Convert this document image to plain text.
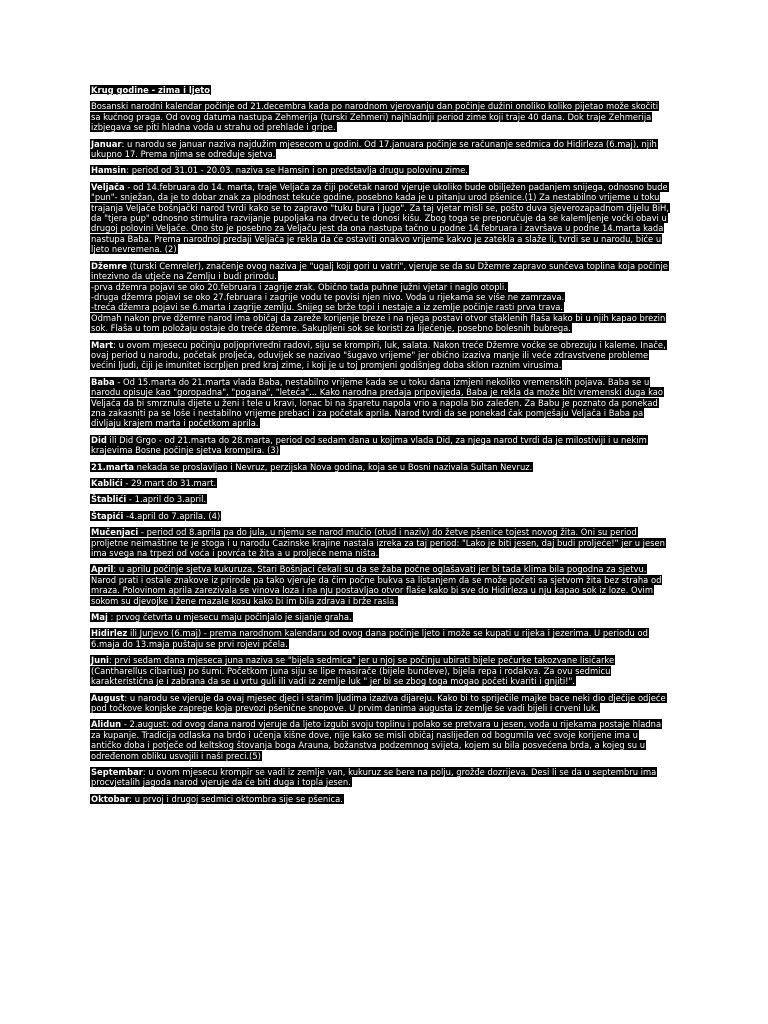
Krug godine - zima i ljeto

Bosanski narodni kalendar počinje od 21.decembra kada po narodnom vjerovanju dan počinje dužini onoliko koliko pijetao može skočiti sa kućnog praga. Od ovog datuma nastupa Zehmerija (turski Zehmeri) najhladniji period zime koji traje 40 dana. Dok traje Zehmerija izbjegava se piti hladna voda u strahu od prehlade i gripe.

Januar: u narodu se januar naziva najdužim mjesecom u godini. Od 17.januara počinje se računanje sedmica do Hidirleza (6.maj), njih ukupno 17. Prema njima se određuje sjetva.

Hamsin: period od 31.01 - 20.03. naziva se Hamsin i on predstavlja drugu polovinu zime.

Veljača - od 14.februara do 14. marta, traje Veljača za čiji početak narod vjeruje ukoliko bude obilježen padanjem snijega, odnosno bude "pun"- snježan, da je to dobar znak za plodnost tekuće godine, posebno kada je u pitanju urod pšenice.(1) Za nestabilno vrijeme u toku trajanja Veljače bošnjački narod tvrdi kako se to zapravo "tuku bura i jugo". Za taj vjetar misli se, pošto duva sjeverozapadnom dijelu BiH, da "tjera pup" odnosno stimulira razvijanje pupoljaka na drveću te donosi kišu. Zbog toga se preporučuje da se kalemljenje voćki obavi u drugoj polovini Veljače. Ono što je posebno za Veljaču jest da ona nastupa tačno u podne 14.februara i završava u podne 14.marta kada nastupa Baba. Prema narodnoj predaji Veljača je rekla da će ostaviti onakvo vrijeme kakvo je zatekla a slaže li, tvrdi se u narodu, biće u ljeto nevremena. (2)

Džemre (turski Cemreler), značenje ovog naziva je "ugalj koji gori u vatri", vjeruje se da su Džemre zapravo sunčeva toplina koja počinje intezivno da utječe na Zemlju i budi prirodu.
-prva džemra pojavi se oko 20.februara i zagrije zrak. Obično tada puhne južni vjetar i naglo otopli.
-druga džemra pojavi se oko 27.februara i zagrije vodu te povisi njen nivo. Voda u rijekama se više ne zamrzava.
-treća džemra pojavi se 6.marta i zagrije zemlju. Snijeg se brže topi i nestaje a iz zemlje počinje rasti prva trava.
Odmah nakon prve džemre narod ima običaj da zareže korijenje breze i na njega postavi otvor staklenih flaša kako bi u njih kapao brezin sok. Flaša u tom položaju ostaje do treće džemre. Sakupljeni sok se koristi za liječenje, posebno bolesnih bubrega.

Mart: u ovom mjesecu počinju poljoprivredni radovi, siju se krompiri, luk, salata. Nakon treće Džemre voćke se obrezuju i kaleme. Inače, ovaj period u narodu, početak proljeća, oduvijek se nazivao "šugavo vrijeme" jer obično izaziva manje ili veće zdravstvene probleme većini ljudi, čiji je imunitet iscrpljen pred kraj zime, i koji je u toj promjeni godišnjeg doba sklon raznim virusima.

Baba - Od 15.marta do 21.marta vlada Baba, nestabilno vrijeme kada se u toku dana izmjeni nekoliko vremenskih pojava. Baba se u narodu opisuje kao "goropadna", "pogana", "leteća"... Kako narodna predaja pripovijeda, Baba je rekla da može biti vremenski duga kao Veljača da bi smrznula dijete u ženi i tele u kravi, lonac bi na šparetu napola vrio a napola bio zaleđen. Za Babu je poznato da ponekad zna zakasniti pa se loše i nestabilno vrijeme prebaci i za početak aprila. Narod tvrdi da se ponekad čak pomješaju Veljača i Baba pa divljaju krajem marta i početkom aprila.

Did ili Did Grgo - od 21.marta do 28.marta, period od sedam dana u kojima vlada Did, za njega narod tvrdi da je milostiviji i u nekim krajevima Bosne počinje sjetva krompira. (3)

21.marta nekada se proslavljao i Nevruz, perzijska Nova godina, koja se u Bosni nazivala Sultan Nevruz.

Kablići - 29.mart do 31.mart.

Štablići - 1.april do 3.april.

Štapići -4.april do 7.aprila. (4)

Mučenjaci - period od 8.aprila pa do jula, u njemu se narod mučio (otud i naziv) do žetve pšenice tojest novog žita. Oni su period proljetne neimaštine te je stoga i u narodu Cazinske krajine nastala izreka za taj period: "Lako je biti jesen, daj budi proljeće!" jer u jesen ima svega na trpezi od voća i povrća te žita a u proljeće nema ništa.

April: u aprilu počinje sjetva kukuruza. Stari Bošnjaci čekali su da se žaba počne oglašavati jer bi tada klima bila pogodna za sjetvu. Narod prati i ostale znakove iz prirode pa tako vjeruje da čim počne bukva sa listanjem da se može početi sa sjetvom žita bez straha od mraza. Polovinom aprila zarezivala se vinova loza i na nju postavljao otvor flaše kako bi sve do Hidirleza u nju kapao sok iz loze. Ovim sokom su djevojke i žene mazale kosu kako bi im bila zdrava i brže rasla.

Maj : prvog četvrta u mjesecu maju počinjalo je sijanje graha.

Hidirlez ili Jurjevo (6.maj) - prema narodnom kalendaru od ovog dana počinje ljeto i može se kupati u rijeka i jezerima. U periodu od 6.maja do 13.maja puštaju se prvi rojevi pčela.

Juni: prvi sedam dana mjeseca juna naziva se "bijela sedmica" jer u njoj se počinju ubirati bijele pečurke takozvane lisičarke (Cantharellus cibarius) po šumi. Početkom juna siju se lipe masirače (bijele bundeve), bijela repa i rodakva. Za ovu sedmicu karakteristična je i zabrana da se u vrtu guli ili vadi iz zemlje luk " jer bi se zbog toga mogao početi kvariti i gnjiti!".

August: u narodu se vjeruje da ovaj mjesec djeci i starim ljudima izaziva dijareju. Kako bi to spriječile majke bace neki dio dječije odjeće pod točkove konjske zaprege koja prevozi pšenične snopove. U prvim danima augusta iz zemlje se vadi bijeli i crveni luk.

Alidun - 2.august: od ovog dana narod vjeruje da ljeto izgubi svoju toplinu i polako se pretvara u jesen, voda u rijekama postaje hladna za kupanje. Tradicija odlaska na brdo i učenja kišne dove, nije kako se misli običaj naslijeđen od bogumila već svoje korijene ima u antičko doba i potječe od keltskog štovanja boga Arauna, božanstva podzemnog svijeta, kojem su bila posvećena brda, a kojeg su u određenom obliku usvojili i naši preci.(5)

Septembar: u ovom mjesecu krompir se vadi iz zemlje van, kukuruz se bere na polju, grožđe dozrijeva. Desi li se da u septembru ima procvjetalih jagoda narod vjeruje da će biti duga i topla jesen.

Oktobar: u prvoj i drugoj sedmici oktombra sije se pšenica.
